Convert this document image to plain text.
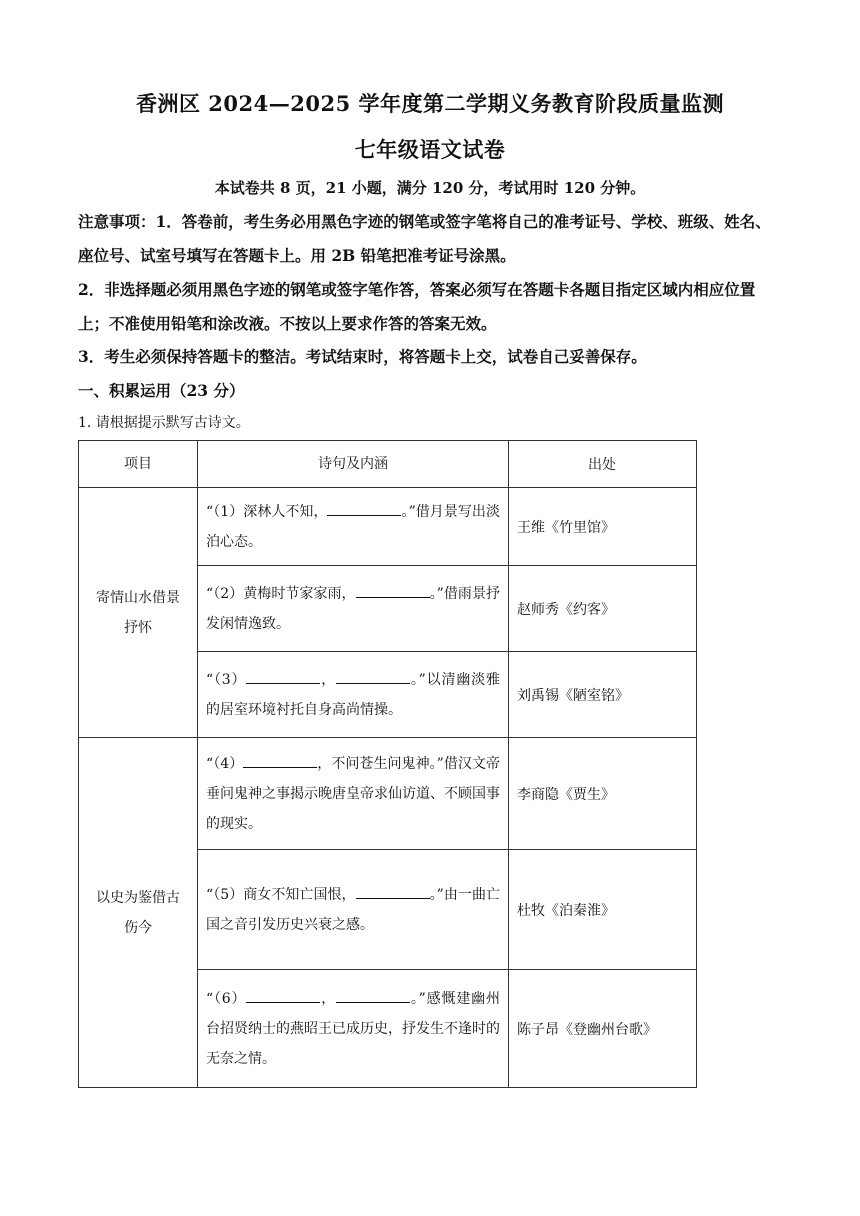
香洲区 2024—2025 学年度第二学期义务教育阶段质量监测
七年级语文试卷
本试卷共 8 页，21 小题，满分 120 分，考试用时 120 分钟。
注意事项：1．答卷前，考生务必用黑色字迹的钢笔或签字笔将自己的准考证号、学校、班级、姓名、座位号、试室号填写在答题卡上。用 2B 铅笔把准考证号涂黑。
2．非选择题必须用黑色字迹的钢笔或签字笔作答，答案必须写在答题卡各题目指定区域内相应位置上；不准使用铅笔和涂改液。不按以上要求作答的答案无效。
3．考生必须保持答题卡的整洁。考试结束时，将答题卡上交，试卷自己妥善保存。
一、积累运用（23 分）
1. 请根据提示默写古诗文。
项目	诗句及内涵	出处
寄情山水借景抒怀	“（1）深林人不知， 。”借月景写出淡泊心态。	王维《竹里馆》
	“（2）黄梅时节家家雨， 。”借雨景抒发闲情逸致。	赵师秀《约客》
	“（3） ， 。”以清幽淡雅的居室环境衬托自身高尚情操。	刘禹锡《陋室铭》
以史为鉴借古伤今	“（4） ，不问苍生问鬼神。”借汉文帝垂问鬼神之事揭示晚唐皇帝求仙访道、不顾国事的现实。	李商隐《贾生》
	“（5）商女不知亡国恨， 。”由一曲亡国之音引发历史兴衰之感。	杜牧《泊秦淮》
	“（6） ， 。”感慨建幽州台招贤纳士的燕昭王已成历史，抒发生不逢时的无奈之情。	陈子昂《登幽州台歌》
